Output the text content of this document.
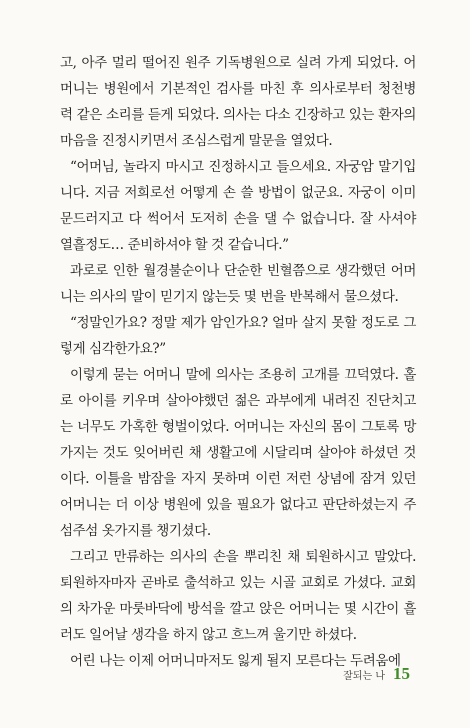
고, 아주 멀리 떨어진 원주 기독병원으로 실려 가게 되었다. 어
머니는 병원에서 기본적인 검사를 마친 후 의사로부터 청천병
력 같은 소리를 듣게 되었다. 의사는 다소 긴장하고 있는 환자의
마음을 진정시키면서 조심스럽게 말문을 열었다.
“어머님, 놀라지 마시고 진정하시고 들으세요. 자궁암 말기입
니다. 지금 저희로선 어떻게 손 쓸 방법이 없군요. 자궁이 이미
문드러지고 다 썩어서 도저히 손을 댈 수 없습니다. 잘 사셔야
열흘정도… 준비하셔야 할 것 같습니다.”
과로로 인한 월경불순이나 단순한 빈혈쯤으로 생각했던 어머
니는 의사의 말이 믿기지 않는듯 몇 번을 반복해서 물으셨다.
“정말인가요? 정말 제가 암인가요? 얼마 살지 못할 정도로 그
렇게 심각한가요?”
이렇게 묻는 어머니 말에 의사는 조용히 고개를 끄덕였다. 홀
로 아이를 키우며 살아야했던 젊은 과부에게 내려진 진단치고
는 너무도 가혹한 형벌이었다. 어머니는 자신의 몸이 그토록 망
가지는 것도 잊어버린 채 생활고에 시달리며 살아야 하셨던 것
이다. 이틀을 밤잠을 자지 못하며 이런 저런 상념에 잠겨 있던
어머니는 더 이상 병원에 있을 필요가 없다고 판단하셨는지 주
섬주섬 옷가지를 챙기셨다.
그리고 만류하는 의사의 손을 뿌리친 채 퇴원하시고 말았다.
퇴원하자마자 곧바로 출석하고 있는 시골 교회로 가셨다. 교회
의 차가운 마룻바닥에 방석을 깔고 앉은 어머니는 몇 시간이 흘
러도 일어날 생각을 하지 않고 흐느껴 울기만 하셨다.
어린 나는 이제 어머니마저도 잃게 될지 모른다는 두려움에
잘되는 나 15
